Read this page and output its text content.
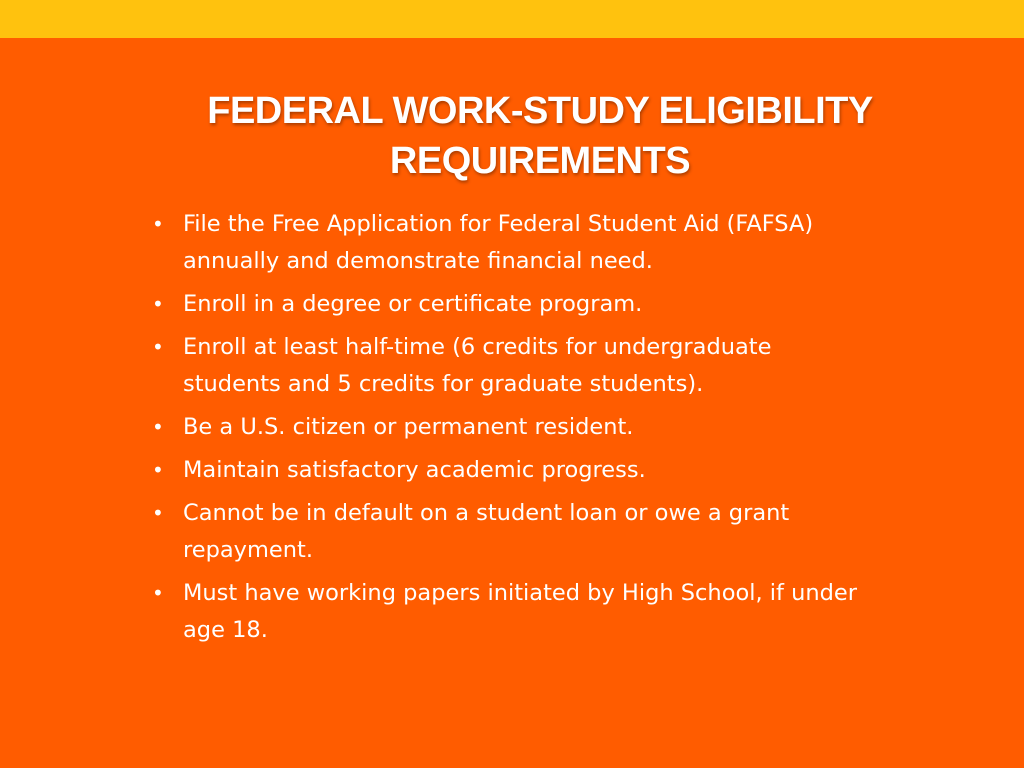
FEDERAL WORK-STUDY ELIGIBILITY
REQUIREMENTS
• File the Free Application for Federal Student Aid (FAFSA) annually and demonstrate financial need.
• Enroll in a degree or certificate program.
• Enroll at least half-time (6 credits for undergraduate students and 5 credits for graduate students).
• Be a U.S. citizen or permanent resident.
• Maintain satisfactory academic progress.
• Cannot be in default on a student loan or owe a grant repayment.
• Must have working papers initiated by High School, if under age 18.
